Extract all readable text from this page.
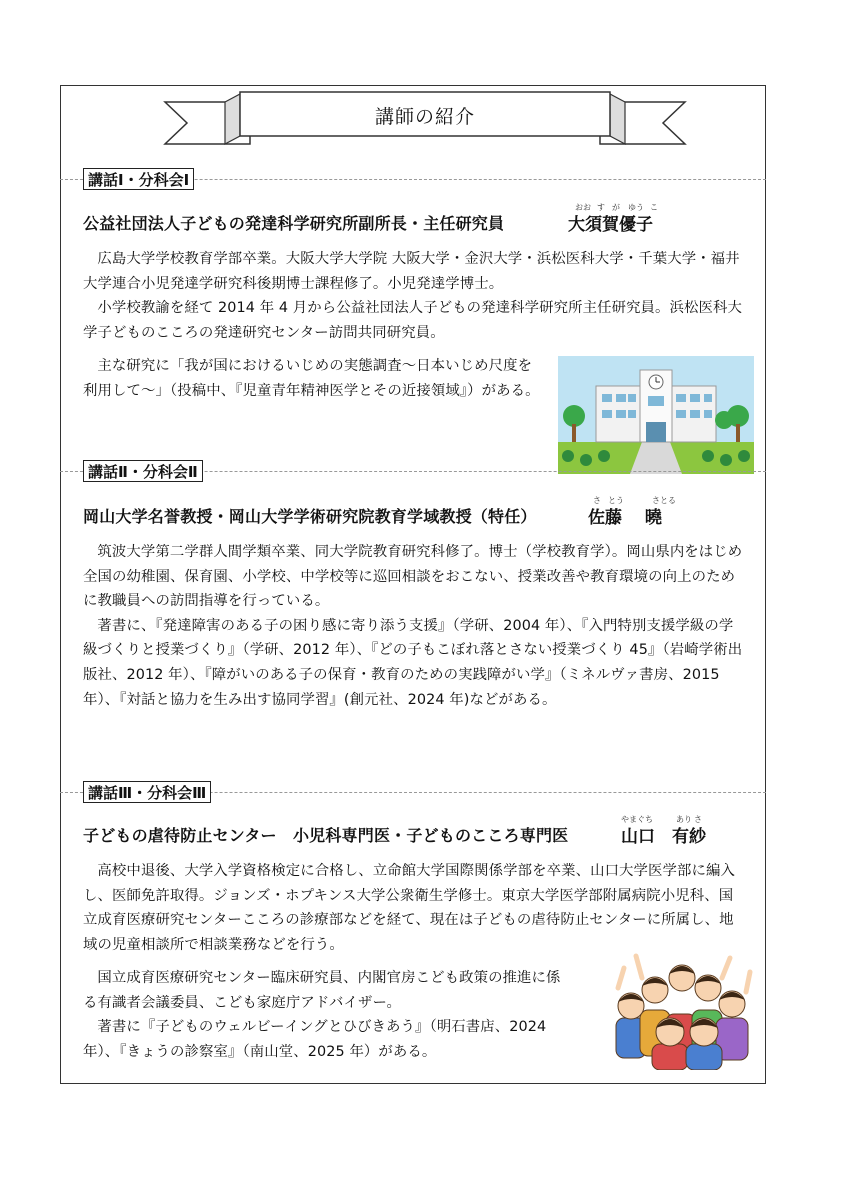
講師の紹介
講話Ⅰ・分科会Ⅰ
公益社団法人子どもの発達科学研究所副所長・主任研究員
おお す が ゆう こ
大須賀優子

広島大学学校教育学部卒業。大阪大学大学院 大阪大学・金沢大学・浜松医科大学・千葉大学・福井大学連合小児発達学研究科後期博士課程修了。小児発達学博士。

小学校教諭を経て 2014 年 4 月から公益社団法人子どもの発達科学研究所主任研究員。浜松医科大学子どものこころの発達研究センター訪問共同研究員。

主な研究に「我が国におけるいじめの実態調査～日本いじめ尺度を利用して～」（投稿中、『児童青年精神医学とその近接領域』）がある。

講話Ⅱ・分科会Ⅱ
岡山大学名誉教授・岡山大学学術研究院教育学域教授（特任）
さ とう	さとる
佐藤　 曉

筑波大学第二学群人間学類卒業、同大学院教育研究科修了。博士（学校教育学）。岡山県内をはじめ全国の幼稚園、保育園、小学校、中学校等に巡回相談をおこない、授業改善や教育環境の向上のために教職員への訪問指導を行っている。

著書に、『発達障害のある子の困り感に寄り添う支援』（学研、2004 年）、『入門特別支援学級の学級づくりと授業づくり』（学研、2012 年）、『どの子もこぼれ落とさない授業づくり 45』（岩崎学術出版社、2012 年）、『障がいのある子の保育・教育のための実践障がい学』（ミネルヴァ書房、2015 年）、『対話と協力を生み出す協同学習』(創元社、2024 年)などがある。

講話Ⅲ・分科会Ⅲ
子どもの虐待防止センター　小児科専門医・子どものこころ専門医
やまぐち	あり さ
山口　有紗

高校中退後、大学入学資格検定に合格し、立命館大学国際関係学部を卒業、山口大学医学部に編入し、医師免許取得。ジョンズ・ホプキンス大学公衆衛生学修士。東京大学医学部附属病院小児科、国立成育医療研究センターこころの診療部などを経て、現在は子どもの虐待防止センターに所属し、地域の児童相談所で相談業務などを行う。

国立成育医療研究センター臨床研究員、内閣官房こども政策の推進に係る有識者会議委員、こども家庭庁アドバイザー。

著書に『子どものウェルビーイングとひびきあう』（明石書店、2024 年）、『きょうの診察室』（南山堂、2025 年）がある。
